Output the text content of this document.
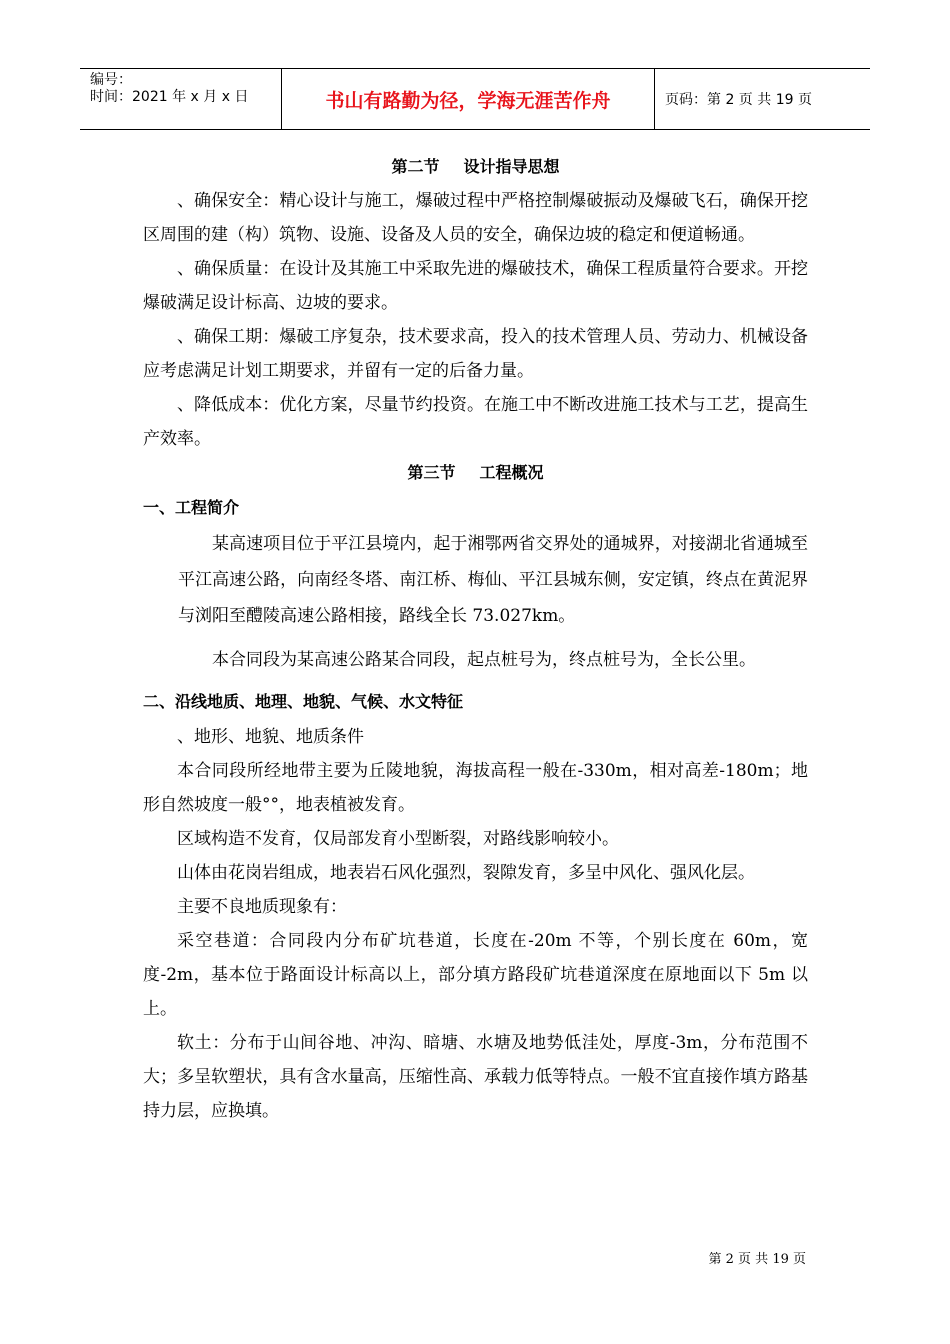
编号：
时间：2021 年 x 月 x 日	书山有路勤为径，学海无涯苦作舟	页码：第 2 页 共 19 页
第二节 设计指导思想
、确保安全：精心设计与施工，爆破过程中严格控制爆破振动及爆破飞石，确保开挖区周围的建（构）筑物、设施、设备及人员的安全，确保边坡的稳定和便道畅通。
、确保质量：在设计及其施工中采取先进的爆破技术，确保工程质量符合要求。开挖爆破满足设计标高、边坡的要求。
、确保工期：爆破工序复杂，技术要求高，投入的技术管理人员、劳动力、机械设备应考虑满足计划工期要求，并留有一定的后备力量。
、降低成本：优化方案，尽量节约投资。在施工中不断改进施工技术与工艺，提高生产效率。
第三节 工程概况
一、工程简介
某高速项目位于平江县境内，起于湘鄂两省交界处的通城界，对接湖北省通城至平江高速公路，向南经冬塔、南江桥、梅仙、平江县城东侧，安定镇，终点在黄泥界与浏阳至醴陵高速公路相接，路线全长 73.027km。
本合同段为某高速公路某合同段，起点桩号为，终点桩号为，全长公里。
二、沿线地质、地理、地貌、气候、水文特征
、地形、地貌、地质条件
本合同段所经地带主要为丘陵地貌，海拔高程一般在-330m，相对高差-180m；地形自然坡度一般°°，地表植被发育。
区域构造不发育，仅局部发育小型断裂，对路线影响较小。
山体由花岗岩组成，地表岩石风化强烈，裂隙发育，多呈中风化、强风化层。
主要不良地质现象有：
采空巷道：合同段内分布矿坑巷道，长度在-20m 不等，个别长度在 60m，宽度-2m，基本位于路面设计标高以上，部分填方路段矿坑巷道深度在原地面以下 5m 以上。
软土：分布于山间谷地、冲沟、暗塘、水塘及地势低洼处，厚度-3m，分布范围不大；多呈软塑状，具有含水量高，压缩性高、承载力低等特点。一般不宜直接作填方路基持力层，应换填。
第 2 页 共 19 页
